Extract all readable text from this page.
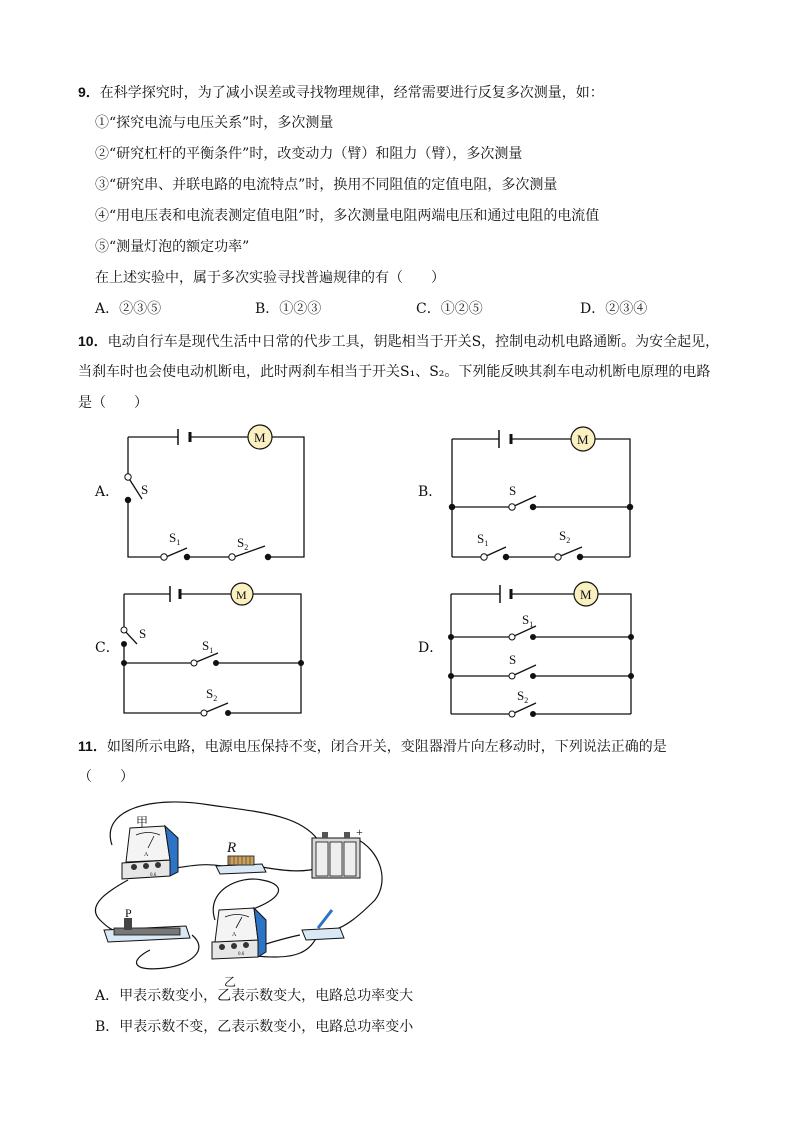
9．在科学探究时，为了减小误差或寻找物理规律，经常需要进行反复多次测量，如：
①“探究电流与电压关系”时，多次测量
②“研究杠杆的平衡条件”时，改变动力（臂）和阻力（臂），多次测量
③“研究串、并联电路的电流特点”时，换用不同阻值的定值电阻，多次测量
④“用电压表和电流表测定值电阻”时，多次测量电阻两端电压和通过电阻的电流值
⑤“测量灯泡的额定功率”
在上述实验中，属于多次实验寻找普遍规律的有（　　）
A．②③⑤	B．①②③	C．①②⑤	D．②③④
10．电动自行车是现代生活中日常的代步工具，钥匙相当于开关S，控制电动机电路通断。为安全起见，
当刹车时也会使电动机断电，此时两刹车相当于开关S₁、S₂。下列能反映其刹车电动机断电原理的电路
是（　　）
A．
M
S
$S_1$	$S_2$
M
S
$S_1$
$S_2$
M
S
$S_1$
$S_2$
M
$S_1$
S
$S_2$
甲
乙
R
P
+
A
0.6
A
0.6
B．
C．	D．
11．如图所示电路，电源电压保持不变，闭合开关，变阻器滑片向左移动时，下列说法正确的是
（　　）
A．甲表示数变小，乙表示数变大，电路总功率变大
B．甲表示数不变，乙表示数变小，电路总功率变小
